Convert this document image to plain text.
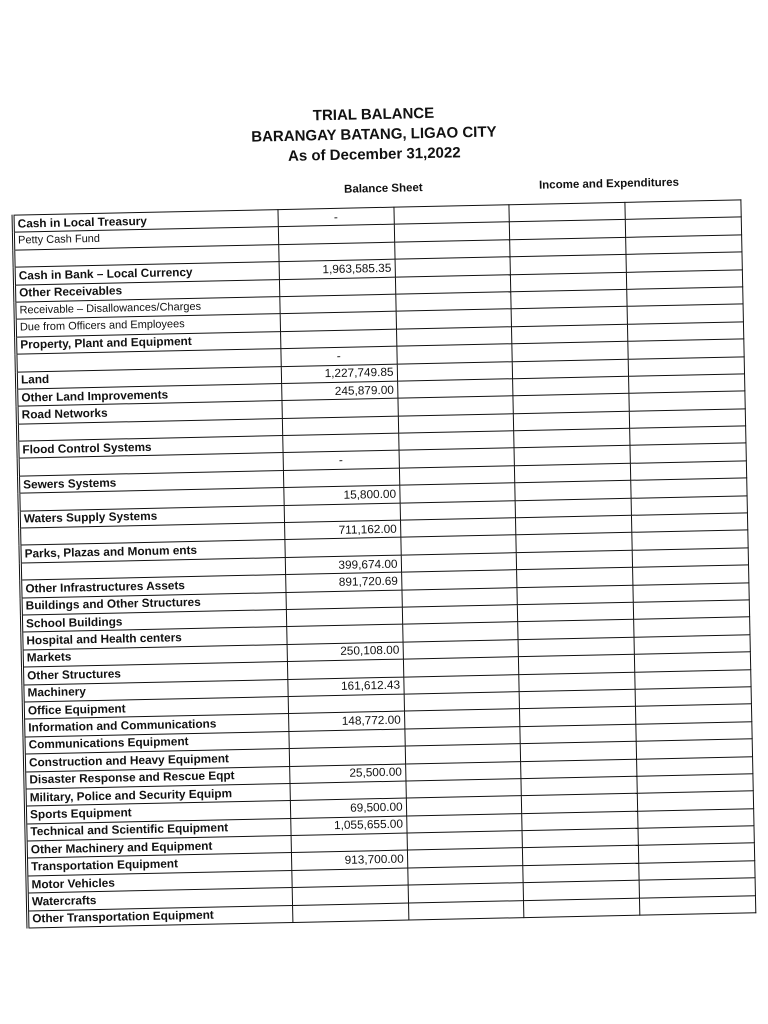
TRIAL BALANCE
BARANGAY BATANG, LIGAO CITY
As of December 31,2022
Balance Sheet	Income and Expenditures
Cash in Local Treasury	-			
Petty Cash Fund				

Cash in Bank – Local Currency	1,963,585.35			
Other Receivables				
Receivable – Disallowances/Charges				
Due from Officers and Employees				
Property, Plant and Equipment				
	-			
Land	1,227,749.85			
Other Land Improvements	245,879.00			
Road Networks				

Flood Control Systems				
	-			
Sewers Systems				
	15,800.00			
Waters Supply Systems				
	711,162.00			
Parks, Plazas and Monum ents				
	399,674.00			
Other Infrastructures Assets	891,720.69			
Buildings and Other Structures				
School Buildings				
Hospital and Health centers				
Markets	250,108.00			
Other Structures				
Machinery	161,612.43			
Office Equipment				
Information and Communications	148,772.00			
Communications Equipment				
Construction and Heavy Equipment				
Disaster Response and Rescue Eqpt	25,500.00			
Military, Police and Security Equipm				
Sports Equipment	69,500.00			
Technical and Scientific Equipment	1,055,655.00			
Other Machinery and Equipment				
Transportation Equipment	913,700.00			
Motor Vehicles				
Watercrafts				
Other Transportation Equipment				
